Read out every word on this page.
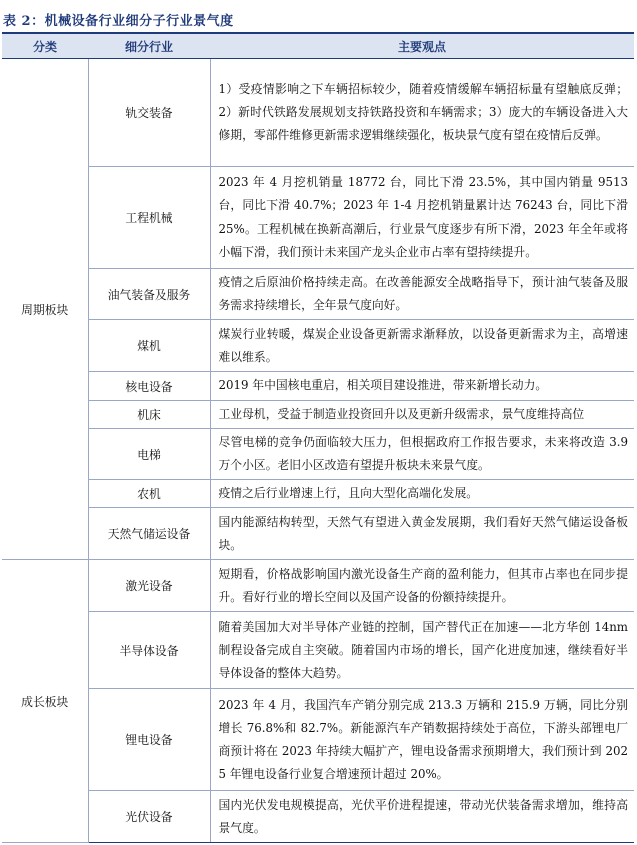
表 2：机械设备行业细分子行业景气度
分类	细分行业	主要观点
周期板块	轨交装备	1）受疫情影响之下车辆招标较少，随着疫情缓解车辆招标量有望触底反弹；2）新时代铁路发展规划支持铁路投资和车辆需求；3）庞大的车辆设备进入大修期，零部件维修更新需求逻辑继续强化，板块景气度有望在疫情后反弹。
	工程机械	2023 年 4 月挖机销量 18772 台，同比下滑 23.5%，其中国内销量 9513 台，同比下滑 40.7%；2023 年 1-4 月挖机销量累计达 76243 台，同比下滑 25%。工程机械在换新高潮后，行业景气度逐步有所下滑，2023 年全年或将小幅下滑，我们预计未来国产龙头企业市占率有望持续提升。
	油气装备及服务	疫情之后原油价格持续走高。在改善能源安全战略指导下，预计油气装备及服务需求持续增长，全年景气度向好。
	煤机	煤炭行业转暖，煤炭企业设备更新需求渐释放，以设备更新需求为主，高增速难以维系。
	核电设备	2019 年中国核电重启，相关项目建设推进，带来新增长动力。
	机床	工业母机，受益于制造业投资回升以及更新升级需求，景气度维持高位
	电梯	尽管电梯的竞争仍面临较大压力，但根据政府工作报告要求，未来将改造 3.9 万个小区。老旧小区改造有望提升板块未来景气度。
	农机	疫情之后行业增速上行，且向大型化高端化发展。
	天然气储运设备	国内能源结构转型，天然气有望进入黄金发展期，我们看好天然气储运设备板块。
成长板块	激光设备	短期看，价格战影响国内激光设备生产商的盈利能力，但其市占率也在同步提升。看好行业的增长空间以及国产设备的份额持续提升。
	半导体设备	随着美国加大对半导体产业链的控制，国产替代正在加速——北方华创 14nm 制程设备完成自主突破。随着国内市场的增长，国产化进度加速，继续看好半导体设备的整体大趋势。
	锂电设备	2023 年 4 月，我国汽车产销分别完成 213.3 万辆和 215.9 万辆，同比分别增长 76.8%和 82.7%。新能源汽车产销数据持续处于高位，下游头部锂电厂商预计将在 2023 年持续大幅扩产，锂电设备需求预期增大，我们预计到 2025 年锂电设备行业复合增速预计超过 20%。
	光伏设备	国内光伏发电规模提高，光伏平价进程提速，带动光伏装备需求增加，维持高景气度。
